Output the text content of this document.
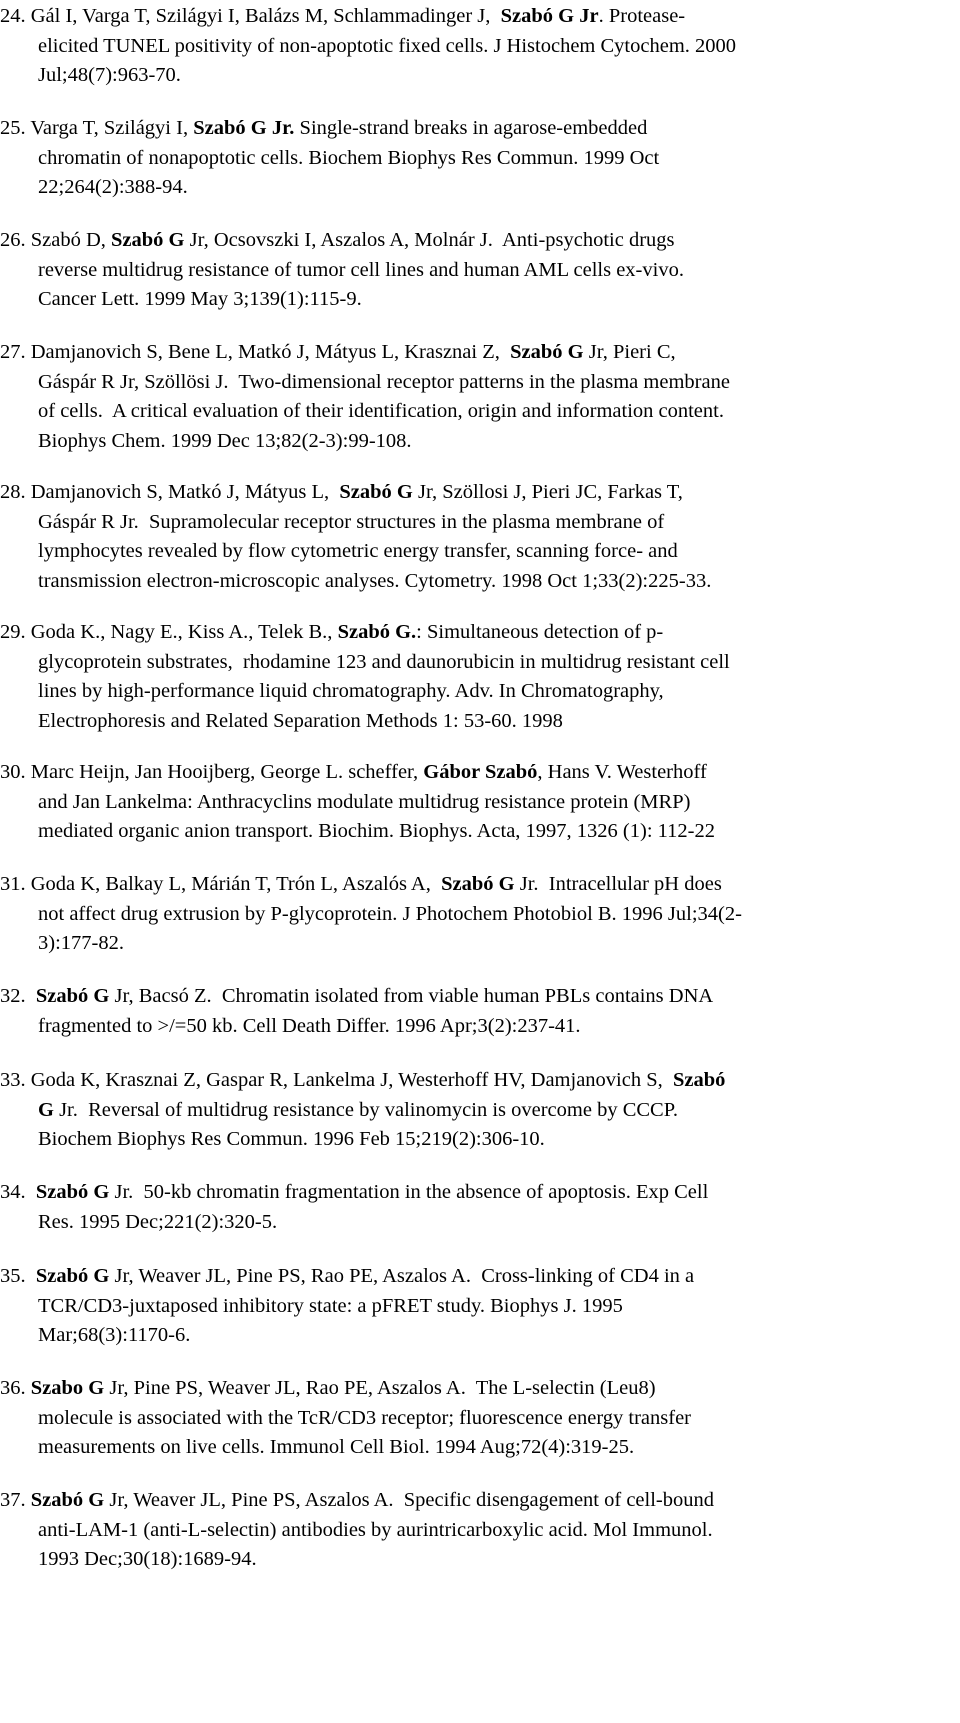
24. Gál I, Varga T, Szilágyi I, Balázs M, Schlammadinger J,  Szabó G Jr. Protease-
elicited TUNEL positivity of non-apoptotic fixed cells. J Histochem Cytochem. 2000
Jul;48(7):963-70.
25. Varga T, Szilágyi I, Szabó G Jr. Single-strand breaks in agarose-embedded
chromatin of nonapoptotic cells. Biochem Biophys Res Commun. 1999 Oct
22;264(2):388-94.
26. Szabó D, Szabó G Jr, Ocsovszki I, Aszalos A, Molnár J.  Anti-psychotic drugs
reverse multidrug resistance of tumor cell lines and human AML cells ex-vivo.
Cancer Lett. 1999 May 3;139(1):115-9.
27. Damjanovich S, Bene L, Matkó J, Mátyus L, Krasznai Z,  Szabó G Jr, Pieri C,
Gáspár R Jr, Szöllösi J.  Two-dimensional receptor patterns in the plasma membrane
of cells.  A critical evaluation of their identification, origin and information content.
Biophys Chem. 1999 Dec 13;82(2-3):99-108.
28. Damjanovich S, Matkó J, Mátyus L,  Szabó G Jr, Szöllosi J, Pieri JC, Farkas T,
Gáspár R Jr.  Supramolecular receptor structures in the plasma membrane of
lymphocytes revealed by flow cytometric energy transfer, scanning force- and
transmission electron-microscopic analyses. Cytometry. 1998 Oct 1;33(2):225-33.
29. Goda K., Nagy E., Kiss A., Telek B., Szabó G.: Simultaneous detection of p-
glycoprotein substrates,  rhodamine 123 and daunorubicin in multidrug resistant cell
lines by high-performance liquid chromatography. Adv. In Chromatography,
Electrophoresis and Related Separation Methods 1: 53-60. 1998
30. Marc Heijn, Jan Hooijberg, George L. scheffer, Gábor Szabó, Hans V. Westerhoff
and Jan Lankelma: Anthracyclins modulate multidrug resistance protein (MRP)
mediated organic anion transport. Biochim. Biophys. Acta, 1997, 1326 (1): 112-22
31. Goda K, Balkay L, Márián T, Trón L, Aszalós A,  Szabó G Jr.  Intracellular pH does
not affect drug extrusion by P-glycoprotein. J Photochem Photobiol B. 1996 Jul;34(2-
3):177-82.
32.  Szabó G Jr, Bacsó Z.  Chromatin isolated from viable human PBLs contains DNA
fragmented to >/=50 kb. Cell Death Differ. 1996 Apr;3(2):237-41.
33. Goda K, Krasznai Z, Gaspar R, Lankelma J, Westerhoff HV, Damjanovich S,  Szabó
G Jr.  Reversal of multidrug resistance by valinomycin is overcome by CCCP.
Biochem Biophys Res Commun. 1996 Feb 15;219(2):306-10.
34.  Szabó G Jr.  50-kb chromatin fragmentation in the absence of apoptosis. Exp Cell
Res. 1995 Dec;221(2):320-5.
35.  Szabó G Jr, Weaver JL, Pine PS, Rao PE, Aszalos A.  Cross-linking of CD4 in a
TCR/CD3-juxtaposed inhibitory state: a pFRET study. Biophys J. 1995
Mar;68(3):1170-6.
36. Szabo G Jr, Pine PS, Weaver JL, Rao PE, Aszalos A.  The L-selectin (Leu8)
molecule is associated with the TcR/CD3 receptor; fluorescence energy transfer
measurements on live cells. Immunol Cell Biol. 1994 Aug;72(4):319-25.
37. Szabó G Jr, Weaver JL, Pine PS, Aszalos A.  Specific disengagement of cell-bound
anti-LAM-1 (anti-L-selectin) antibodies by aurintricarboxylic acid. Mol Immunol.
1993 Dec;30(18):1689-94.
